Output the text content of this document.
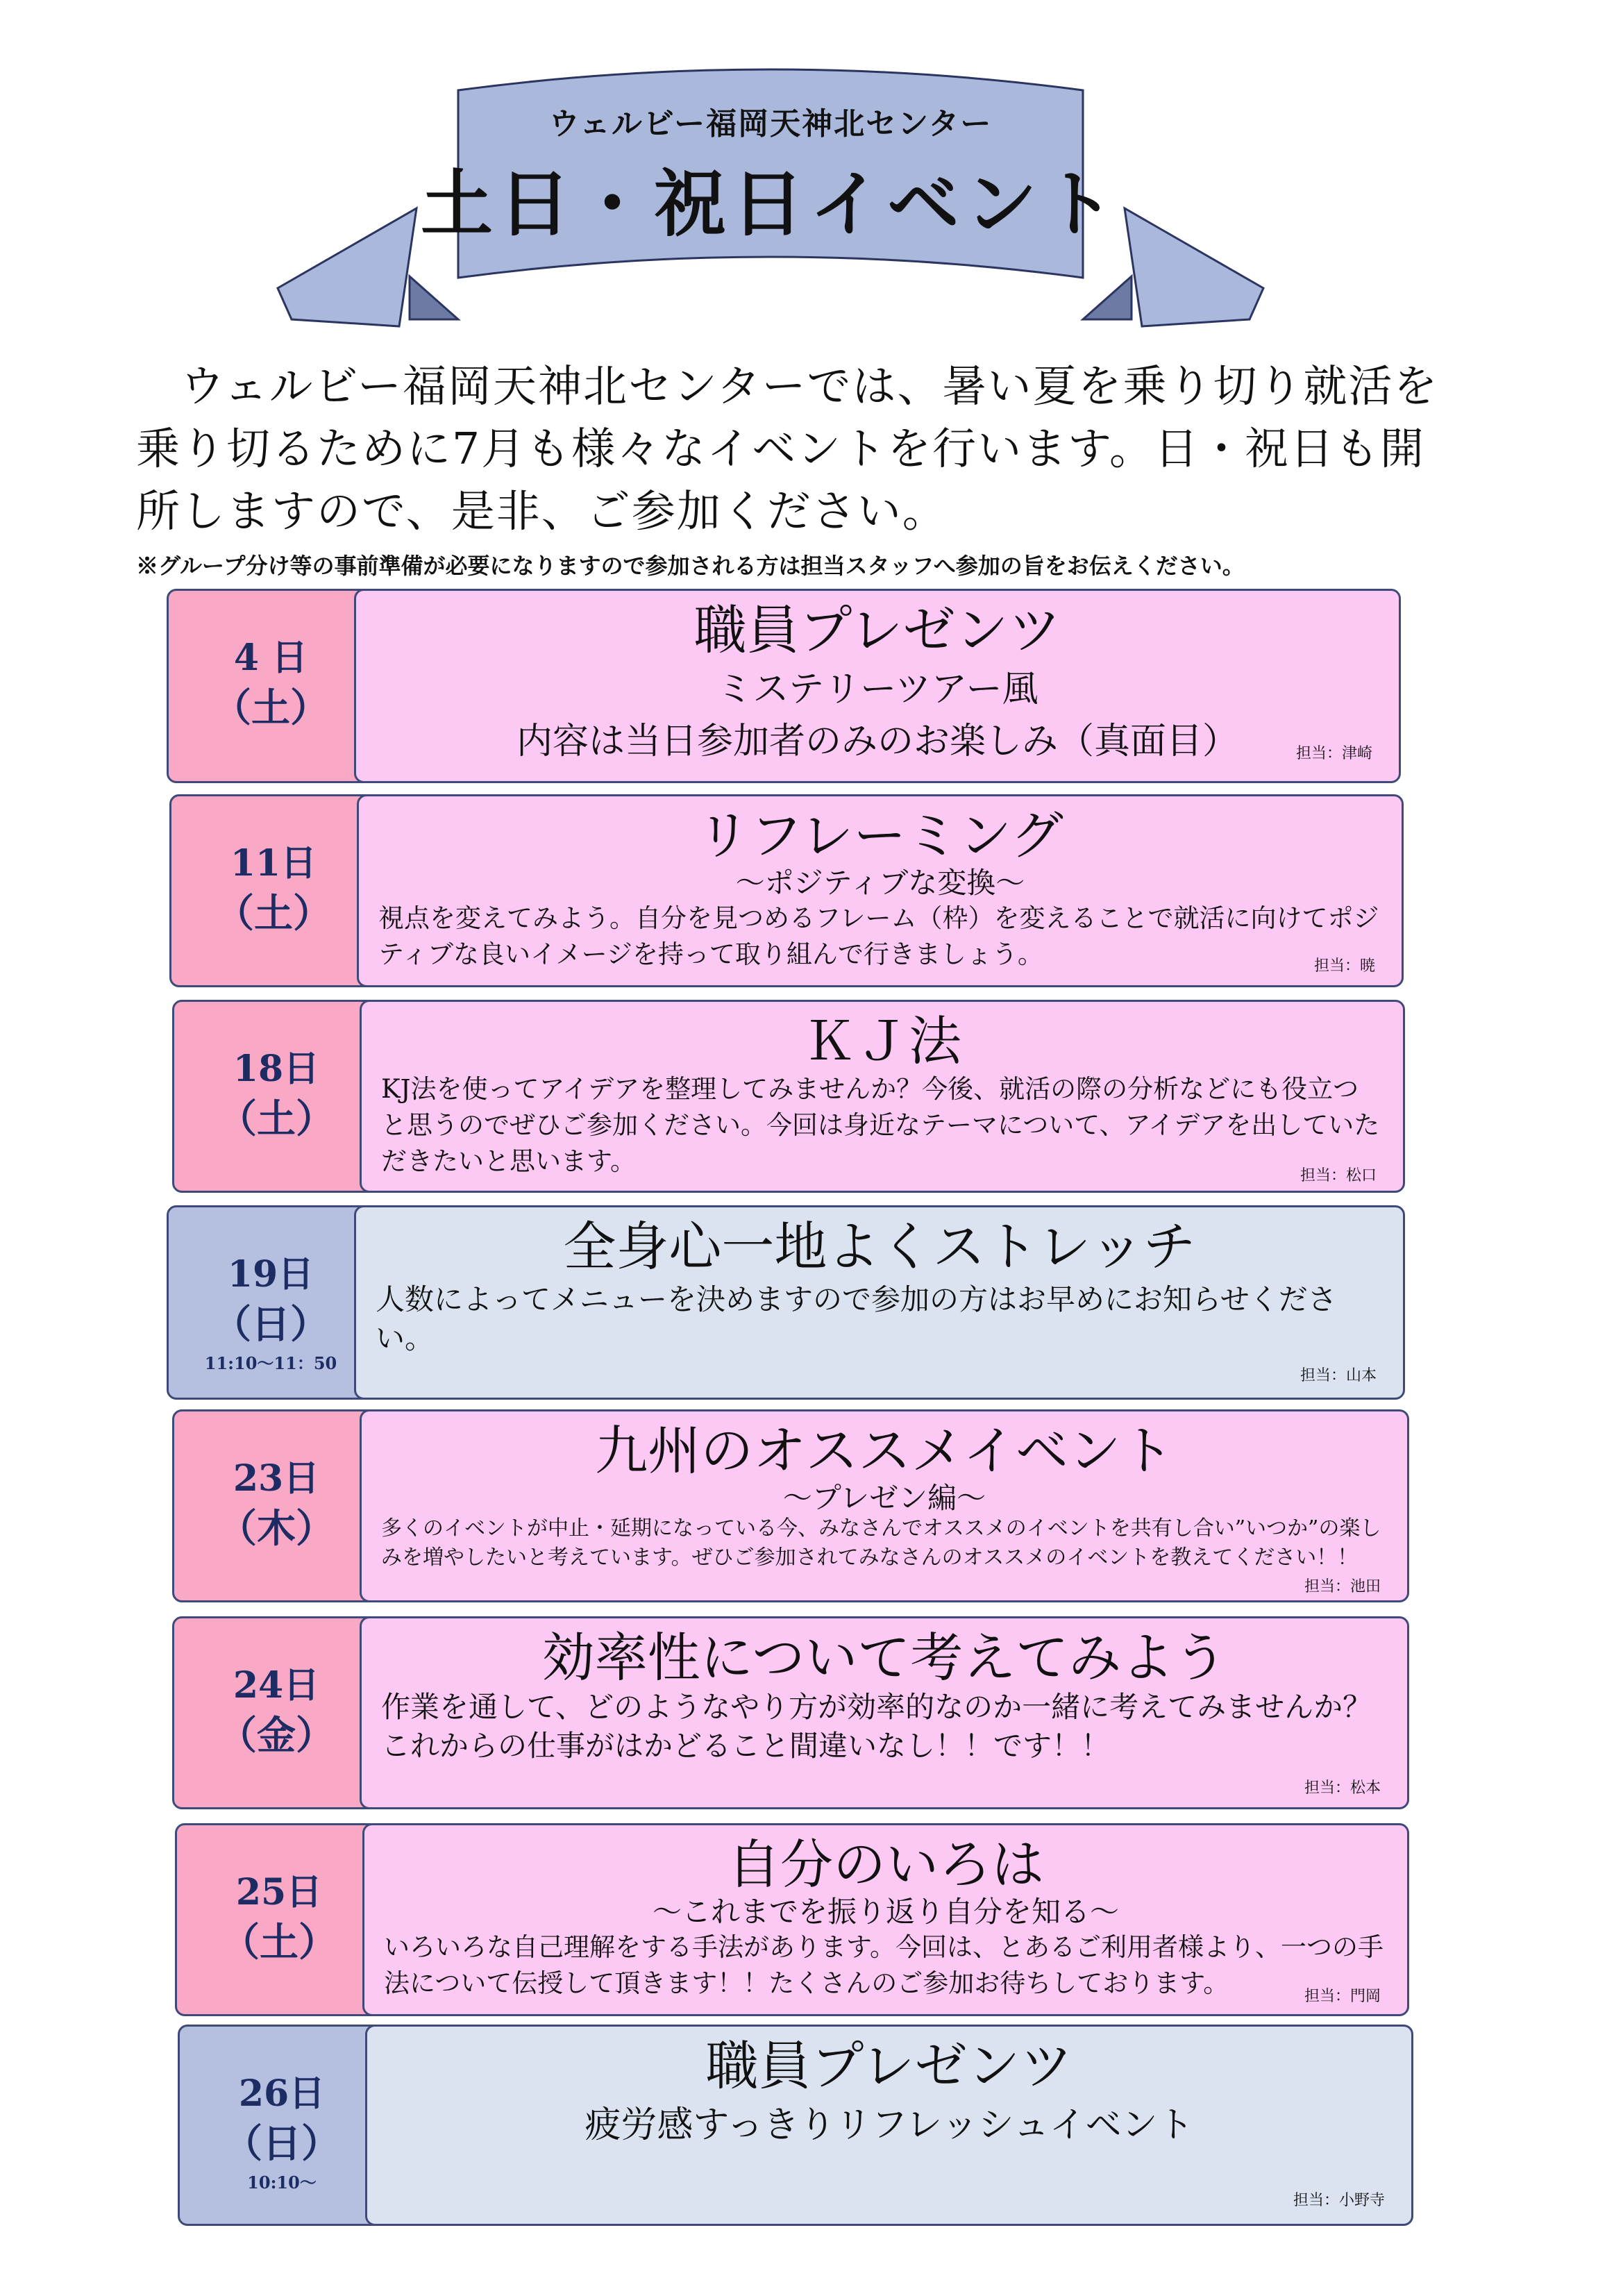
ウェルビー福岡天神北センター
土日・祝日イベント

ウェルビー福岡天神北センターでは、暑い夏を乗り切り就活を乗り切るために7月も様々なイベントを行います。日・祝日も開所しますので、是非、ご参加ください。

※グループ分け等の事前準備が必要になりますので参加される方は担当スタッフへ参加の旨をお伝えください。

4 日
（土）
職員プレゼンツ
ミステリーツアー風
内容は当日参加者のみのお楽しみ（真面目）	担当：津崎
11日
（土）
リフレーミング
～ポジティブな変換～
視点を変えてみよう。自分を見つめるフレーム（枠）を変えることで就活に向けてポジティブな良いイメージを持って取り組んで行きましょう。	担当：暁
18日
（土）
ＫＪ法
KJ法を使ってアイデアを整理してみませんか？今後、就活の際の分析などにも役立つと思うのでぜひご参加ください。今回は身近なテーマについて、アイデアを出していただきたいと思います。	担当：松口
19日
（日）
11:10～11：50
全身心一地よくストレッチ
人数によってメニューを決めますので参加の方はお早めにお知らせください。
担当：山本
23日
（木）
九州のオススメイベント
～プレゼン編～
多くのイベントが中止・延期になっている今、みなさんでオススメのイベントを共有し合い”いつか”の楽しみを増やしたいと考えています。ぜひご参加されてみなさんのオススメのイベントを教えてください！！
担当：池田
24日
（金）
効率性について考えてみよう
作業を通して、どのようなやり方が効率的なのか一緒に考えてみませんか？
これからの仕事がはかどること間違いなし！！です！！
担当：松本
25日
（土）
自分のいろは
～これまでを振り返り自分を知る～
いろいろな自己理解をする手法があります。今回は、とあるご利用者様より、一つの手法について伝授して頂きます！！たくさんのご参加お待ちしております。	担当：門岡
26日
（日）
10:10～
職員プレゼンツ
疲労感すっきりリフレッシュイベント
担当：小野寺
